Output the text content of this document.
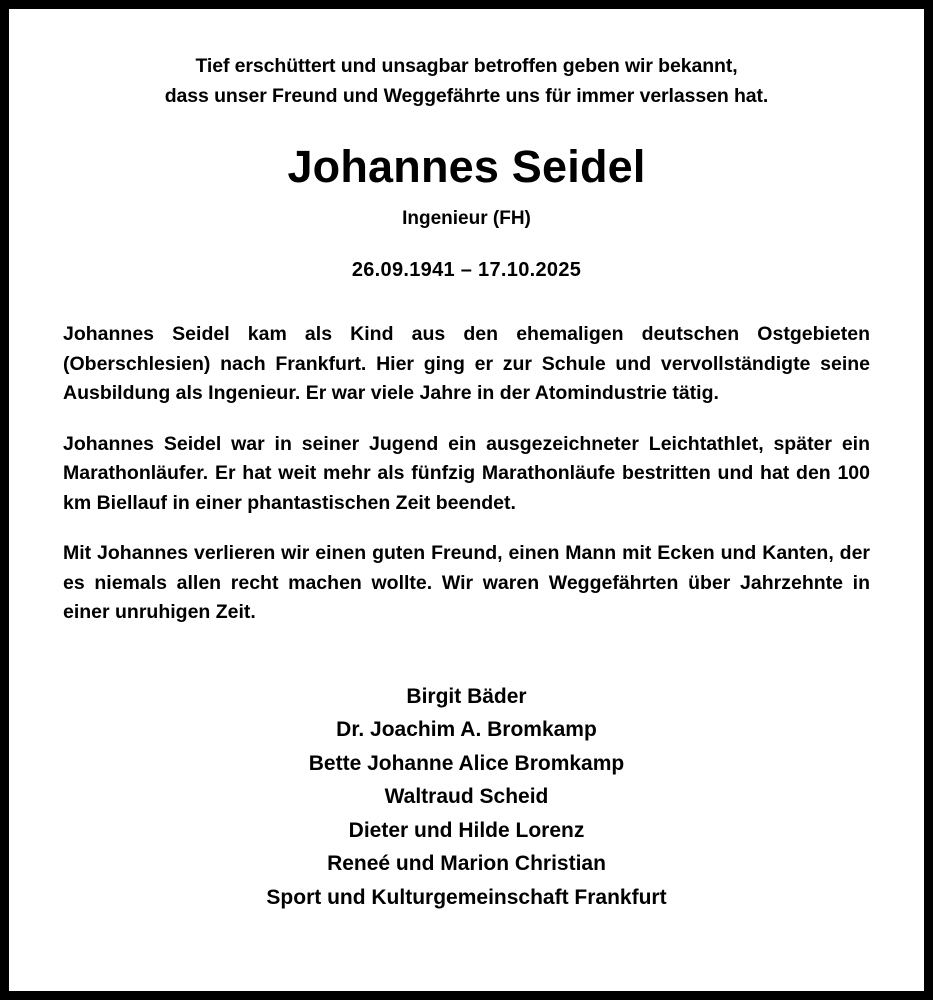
Tief erschüttert und unsagbar betroffen geben wir bekannt,
dass unser Freund und Weggefährte uns für immer verlassen hat.
Johannes Seidel
Ingenieur (FH)
26.09.1941 – 17.10.2025

Johannes Seidel kam als Kind aus den ehemaligen deutschen Ostgebieten (Oberschlesien) nach Frankfurt. Hier ging er zur Schule und vervollständigte seine Ausbildung als Ingenieur. Er war viele Jahre in der Atomindustrie tätig.

Johannes Seidel war in seiner Jugend ein ausgezeichneter Leichtathlet, später ein Marathonläufer. Er hat weit mehr als fünfzig Marathonläufe bestritten und hat den 100 km Biellauf in einer phantastischen Zeit beendet.

Mit Johannes verlieren wir einen guten Freund, einen Mann mit Ecken und Kanten, der es niemals allen recht machen wollte. Wir waren Weggefährten über Jahrzehnte in einer unruhigen Zeit.

Birgit Bäder
Dr. Joachim A. Bromkamp
Bette Johanne Alice Bromkamp
Waltraud Scheid
Dieter und Hilde Lorenz
Reneé und Marion Christian
Sport und Kulturgemeinschaft Frankfurt
